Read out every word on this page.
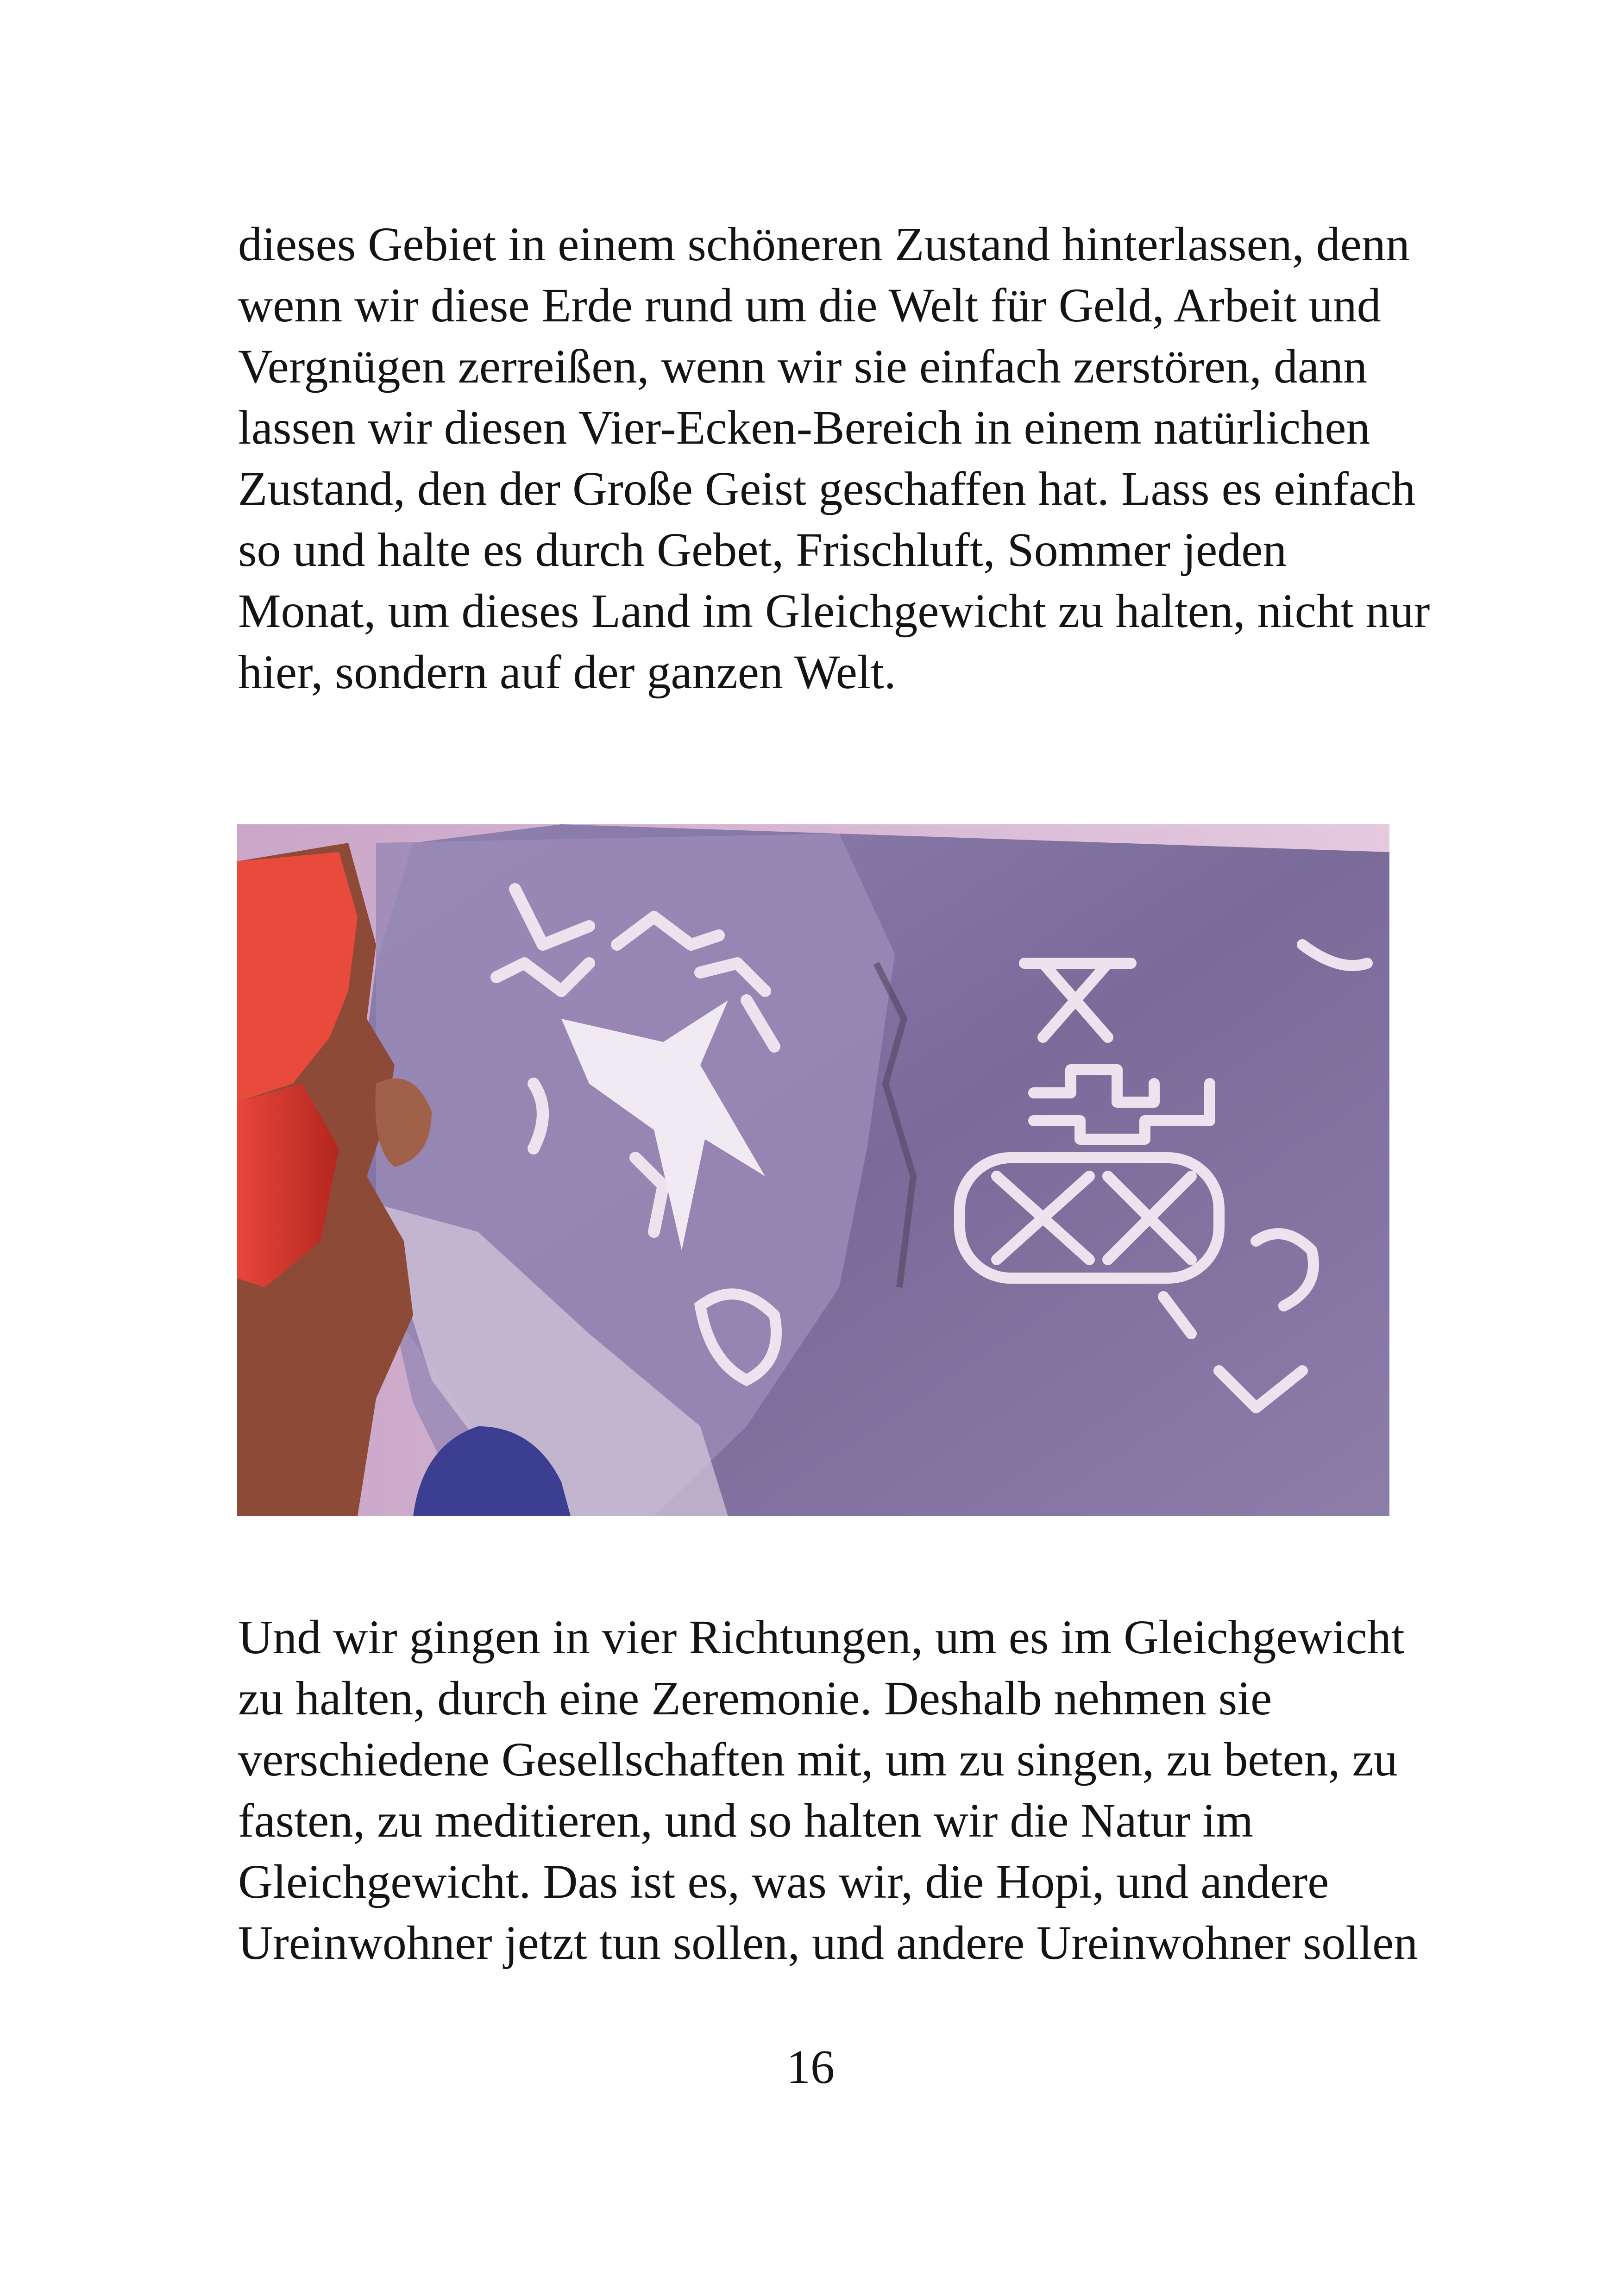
dieses Gebiet in einem schöneren Zustand hinterlassen, denn
wenn wir diese Erde rund um die Welt für Geld, Arbeit und
Vergnügen zerreißen, wenn wir sie einfach zerstören, dann
lassen wir diesen Vier-Ecken-Bereich in einem natürlichen
Zustand, den der Große Geist geschaffen hat. Lass es einfach
so und halte es durch Gebet, Frischluft, Sommer jeden
Monat, um dieses Land im Gleichgewicht zu halten, nicht nur
hier, sondern auf der ganzen Welt.

Und wir gingen in vier Richtungen, um es im Gleichgewicht
zu halten, durch eine Zeremonie. Deshalb nehmen sie
verschiedene Gesellschaften mit, um zu singen, zu beten, zu
fasten, zu meditieren, und so halten wir die Natur im
Gleichgewicht. Das ist es, was wir, die Hopi, und andere
Ureinwohner jetzt tun sollen, und andere Ureinwohner sollen

16
